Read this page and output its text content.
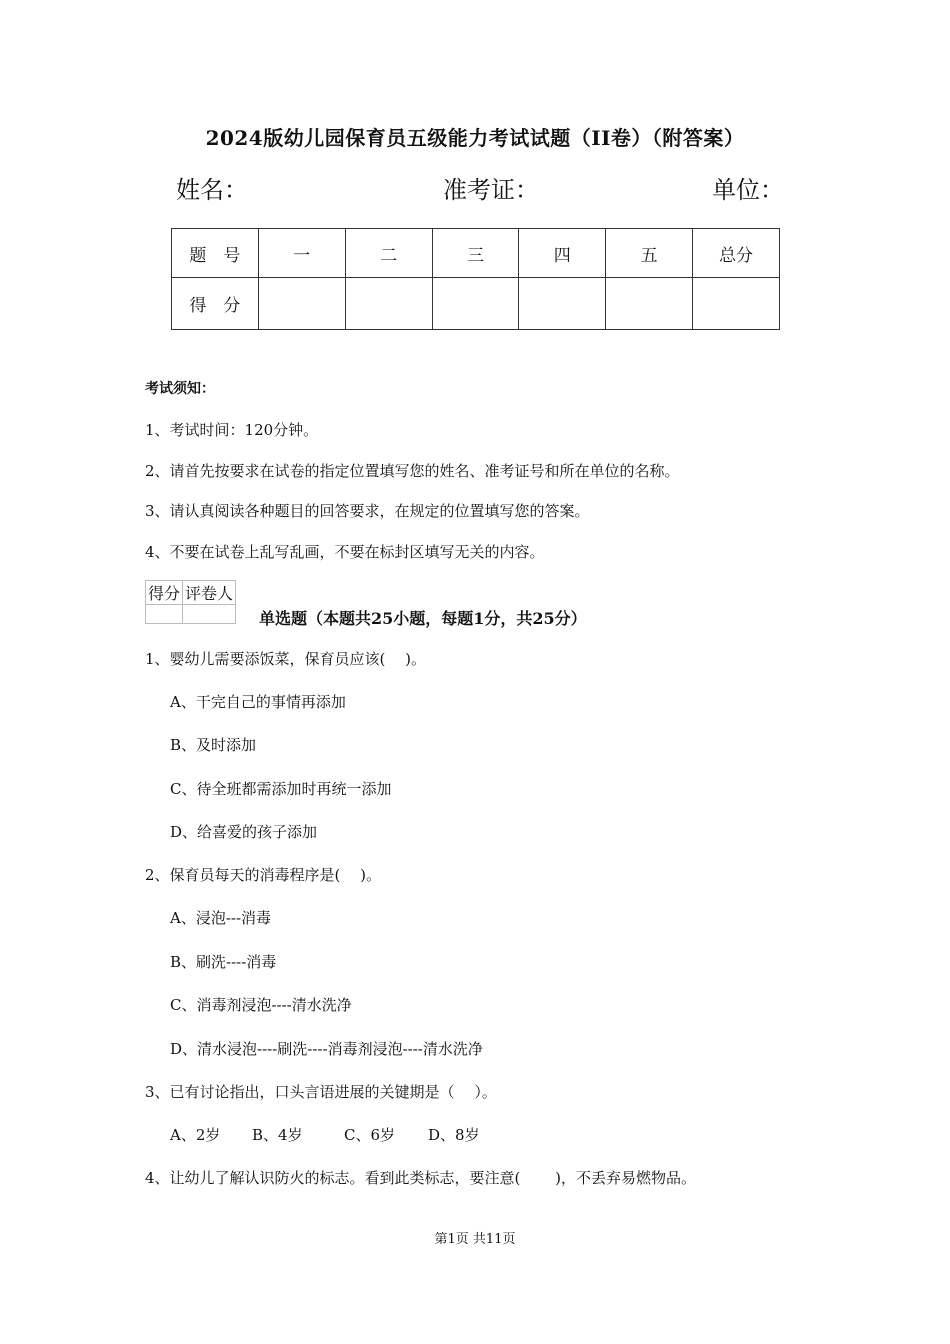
2024版幼儿园保育员五级能力考试试题（II卷）（附答案）
姓名：	准考证：	单位：
题　号	一	二	三	四	五	总分
得　分						
考试须知：
1、考试时间：120分钟。
2、请首先按要求在试卷的指定位置填写您的姓名、准考证号和所在单位的名称。
3、请认真阅读各种题目的回答要求，在规定的位置填写您的答案。
4、不要在试卷上乱写乱画，不要在标封区填写无关的内容。
得分	评卷人

单选题（本题共25小题，每题1分，共25分）
1、婴幼儿需要添饭菜，保育员应该(　 )。
A、干完自己的事情再添加
B、及时添加
C、待全班都需添加时再统一添加
D、给喜爱的孩子添加
2、保育员每天的消毒程序是(　 )。
A、浸泡---消毒
B、刷洗----消毒
C、消毒剂浸泡----清水洗净
D、清水浸泡----刷洗----消毒剂浸泡----清水洗净
3、已有讨论指出，口头言语进展的关键期是（　 ）。
A、2岁 B、4岁	C、6岁 D、8岁
4、让幼儿了解认识防火的标志。看到此类标志，要注意(　　 )，不丢弃易燃物品。
第1页 共11页
